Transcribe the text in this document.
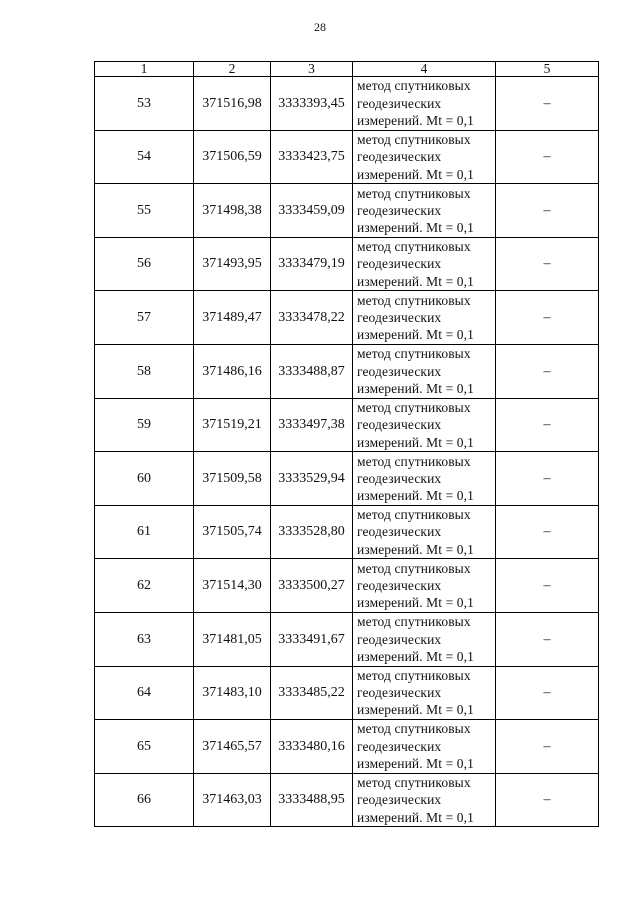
28
1	2	3	4	5
53	371516,98	3333393,45	метод спутниковых
геодезических
измерений. Mt = 0,1	–
54	371506,59	3333423,75	метод спутниковых
геодезических
измерений. Mt = 0,1	–
55	371498,38	3333459,09	метод спутниковых
геодезических
измерений. Mt = 0,1	–
56	371493,95	3333479,19	метод спутниковых
геодезических
измерений. Mt = 0,1	–
57	371489,47	3333478,22	метод спутниковых
геодезических
измерений. Mt = 0,1	–
58	371486,16	3333488,87	метод спутниковых
геодезических
измерений. Mt = 0,1	–
59	371519,21	3333497,38	метод спутниковых
геодезических
измерений. Mt = 0,1	–
60	371509,58	3333529,94	метод спутниковых
геодезических
измерений. Mt = 0,1	–
61	371505,74	3333528,80	метод спутниковых
геодезических
измерений. Mt = 0,1	–
62	371514,30	3333500,27	метод спутниковых
геодезических
измерений. Mt = 0,1	–
63	371481,05	3333491,67	метод спутниковых
геодезических
измерений. Mt = 0,1	–
64	371483,10	3333485,22	метод спутниковых
геодезических
измерений. Mt = 0,1	–
65	371465,57	3333480,16	метод спутниковых
геодезических
измерений. Mt = 0,1	–
66	371463,03	3333488,95	метод спутниковых
геодезических
измерений. Mt = 0,1	–
